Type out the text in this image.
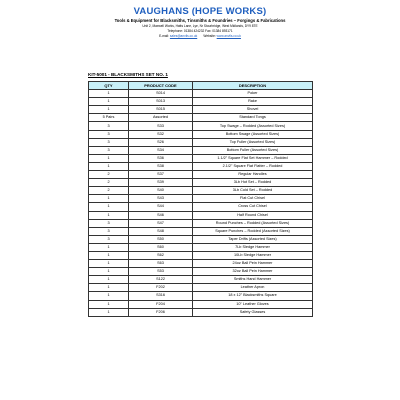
VAUGHANS (HOPE WORKS)
Tools & Equipment for Blacksmiths, Tinsmiths & Foundries – Forgings & Fabrications
Unit 2, Maxwell Works, Hatts Lane, Lye, Nr Stourbridge, West Midlands, DY9 8TE
Telephone: 01384 424232 Fax: 01384 893171
E-mail: sales@anvils.co.uk Website: www.anvils.co.uk
KIT-5001 - BLACKSMITHS SET NO. 1
QTY	PRODUCT CODE	DESCRIPTION
1	S014	Poker
1	S013	Rake
1	S015	Shovel
5 Pairs	Assorted	Standard Tongs
3	S33	Top Swage – Rodded (Assorted Sizes)
3	S32	Bottom Swage (Assorted Sizes)
3	S26	Top Fuller (Assorted Sizes)
3	S34	Bottom Fuller (Assorted Sizes)
1	S36	1.1/2" Square Flat Set Hammer – Rodded
1	S38	2.1/2" Square Flat Flatter – Rodded
2	S37	Regular Handles
2	S39	3Lb Hot Set – Rodded
2	S40	3Lb Cold Set – Rodded
1	S43	Flat Cut Chisel
1	S44	Cross Cut Chisel
1	S46	Half Round Chisel
3	S47	Round Punches – Rodded (Assorted Sizes)
3	S48	Square Punches – Rodded (Assorted Sizes)
3	S50	Taper Drifts (Assorted Sizes)
1	S60	7Lb Sledge Hammer
1	S62	10Lb Sledge Hammer
1	S63	24oz Ball Pein Hammer
1	S53	32oz Ball Pein Hammer
1	S122	Smiths Hand Hammer
1	F202	Leather Apron
1	S316	18 x 12" Blacksmiths Square
1	F204	10" Leather Gloves
1	F206	Safety Glasses
